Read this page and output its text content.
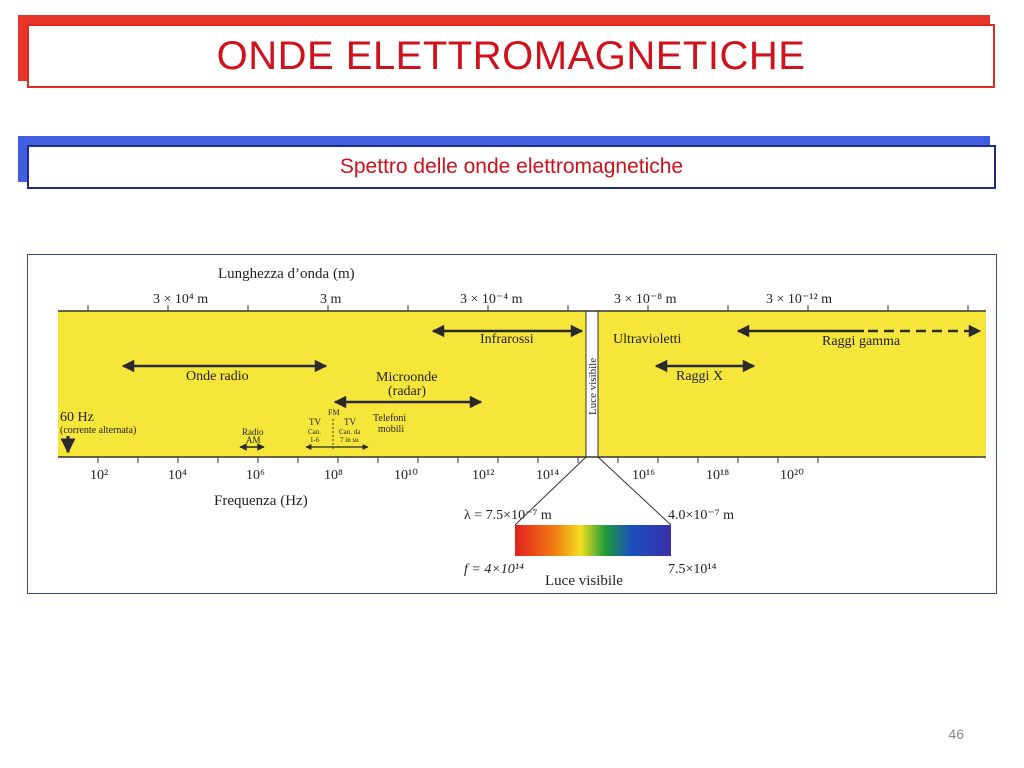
ONDE ELETTROMAGNETICHE
Spettro delle onde elettromagnetiche
Lunghezza d’onda (m)
3 × 10⁴ m	3 m	3 × 10⁻⁴ m	3 × 10⁻⁸ m	3 × 10⁻¹² m
10²	10⁴	10⁶	10⁸	10¹⁰	10¹²	10¹⁴	10¹⁶	10¹⁸	10²⁰
Frequenza (Hz)
Infrarossi	Ultravioletti	Raggi gamma
Onde radio	Microonde
(radar)
Raggi X
Luce visibile
60 Hz
(corrente alternata)	Radio
AM
TV
Can.
1-6
FM
TV
Can. da
7 in su
Telefoni
mobili
λ = 7.5×10⁻⁷ m	4.0×10⁻⁷ m
f = 4×10¹⁴	7.5×10¹⁴
Luce visibile
46
